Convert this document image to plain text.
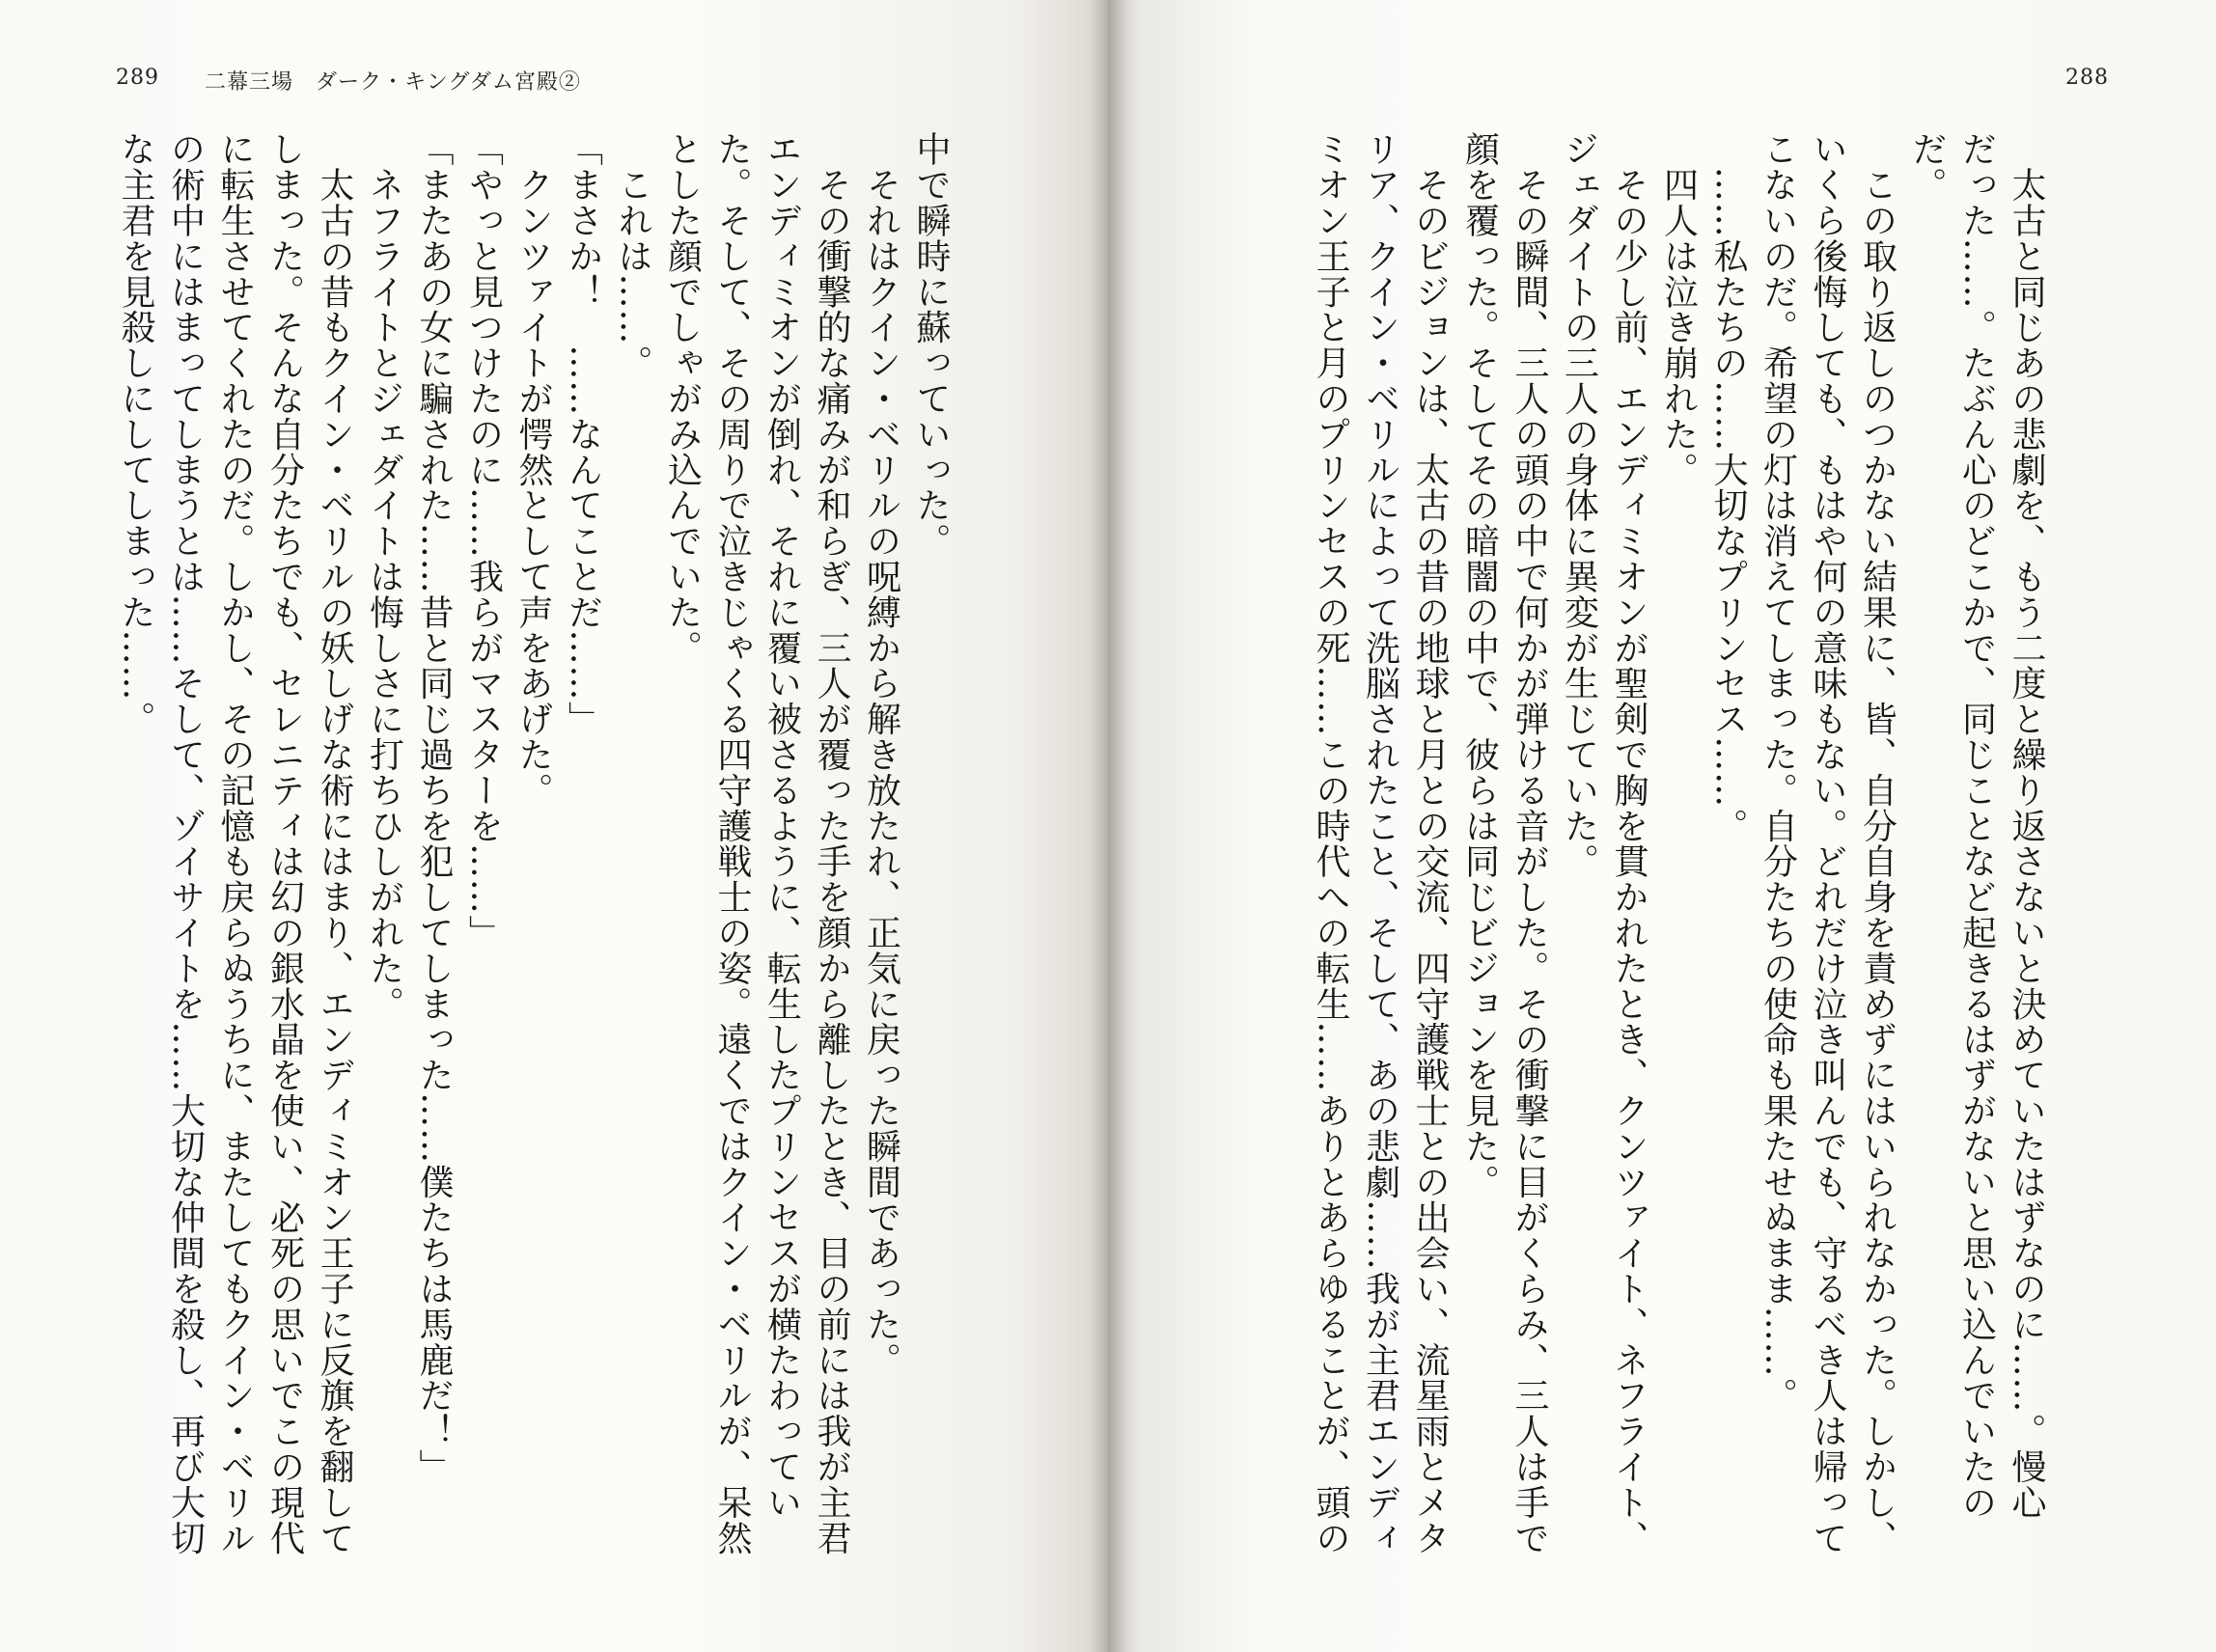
289 二幕三場　ダーク・キングダム宮殿②
中で瞬時に蘇っていった。
　それはクイン・ベリルの呪縛から解き放たれ、正気に戻った瞬間であった。
　その衝撃的な痛みが和らぎ、三人が覆った手を顔から離したとき、目の前には我が主君
エンディミオンが倒れ、それに覆い被さるように、転生したプリンセスが横たわってい
た。そして、その周りで泣きじゃくる四守護戦士の姿。遠くではクイン・ベリルが、呆然
とした顔でしゃがみ込んでいた。
　これは……。
「まさか！　……なんてことだ……」
　クンツァイトが愕然として声をあげた。
「やっと見つけたのに……我らがマスターを……」
「またあの女に騙された……昔と同じ過ちを犯してしまった……僕たちは馬鹿だ！」
　ネフライトとジェダイトは悔しさに打ちひしがれた。
　太古の昔もクイン・ベリルの妖しげな術にはまり、エンディミオン王子に反旗を翻して
しまった。そんな自分たちでも、セレニティは幻の銀水晶を使い、必死の思いでこの現代
に転生させてくれたのだ。しかし、その記憶も戻らぬうちに、またしてもクイン・ベリル
の術中にはまってしまうとは……そして、ゾイサイトを……大切な仲間を殺し、再び大切
な主君を見殺しにしてしまった……。
288
　太古と同じあの悲劇を、もう二度と繰り返さないと決めていたはずなのに……。慢心
だった……。たぶん心のどこかで、同じことなど起きるはずがないと思い込んでいたの
だ。
　この取り返しのつかない結果に、皆、自分自身を責めずにはいられなかった。しかし、
いくら後悔しても、もはや何の意味もない。どれだけ泣き叫んでも、守るべき人は帰って
こないのだ。希望の灯は消えてしまった。自分たちの使命も果たせぬまま……。
　……私たちの……大切なプリンセス……。
　四人は泣き崩れた。
　その少し前、エンディミオンが聖剣で胸を貫かれたとき、クンツァイト、ネフライト、
ジェダイトの三人の身体に異変が生じていた。
　その瞬間、三人の頭の中で何かが弾ける音がした。その衝撃に目がくらみ、三人は手で
顔を覆った。そしてその暗闇の中で、彼らは同じビジョンを見た。
　そのビジョンは、太古の昔の地球と月との交流、四守護戦士との出会い、流星雨とメタ
リア、クイン・ベリルによって洗脳されたこと、そして、あの悲劇……我が主君エンディ
ミオン王子と月のプリンセスの死……この時代への転生……ありとあらゆることが、頭の
